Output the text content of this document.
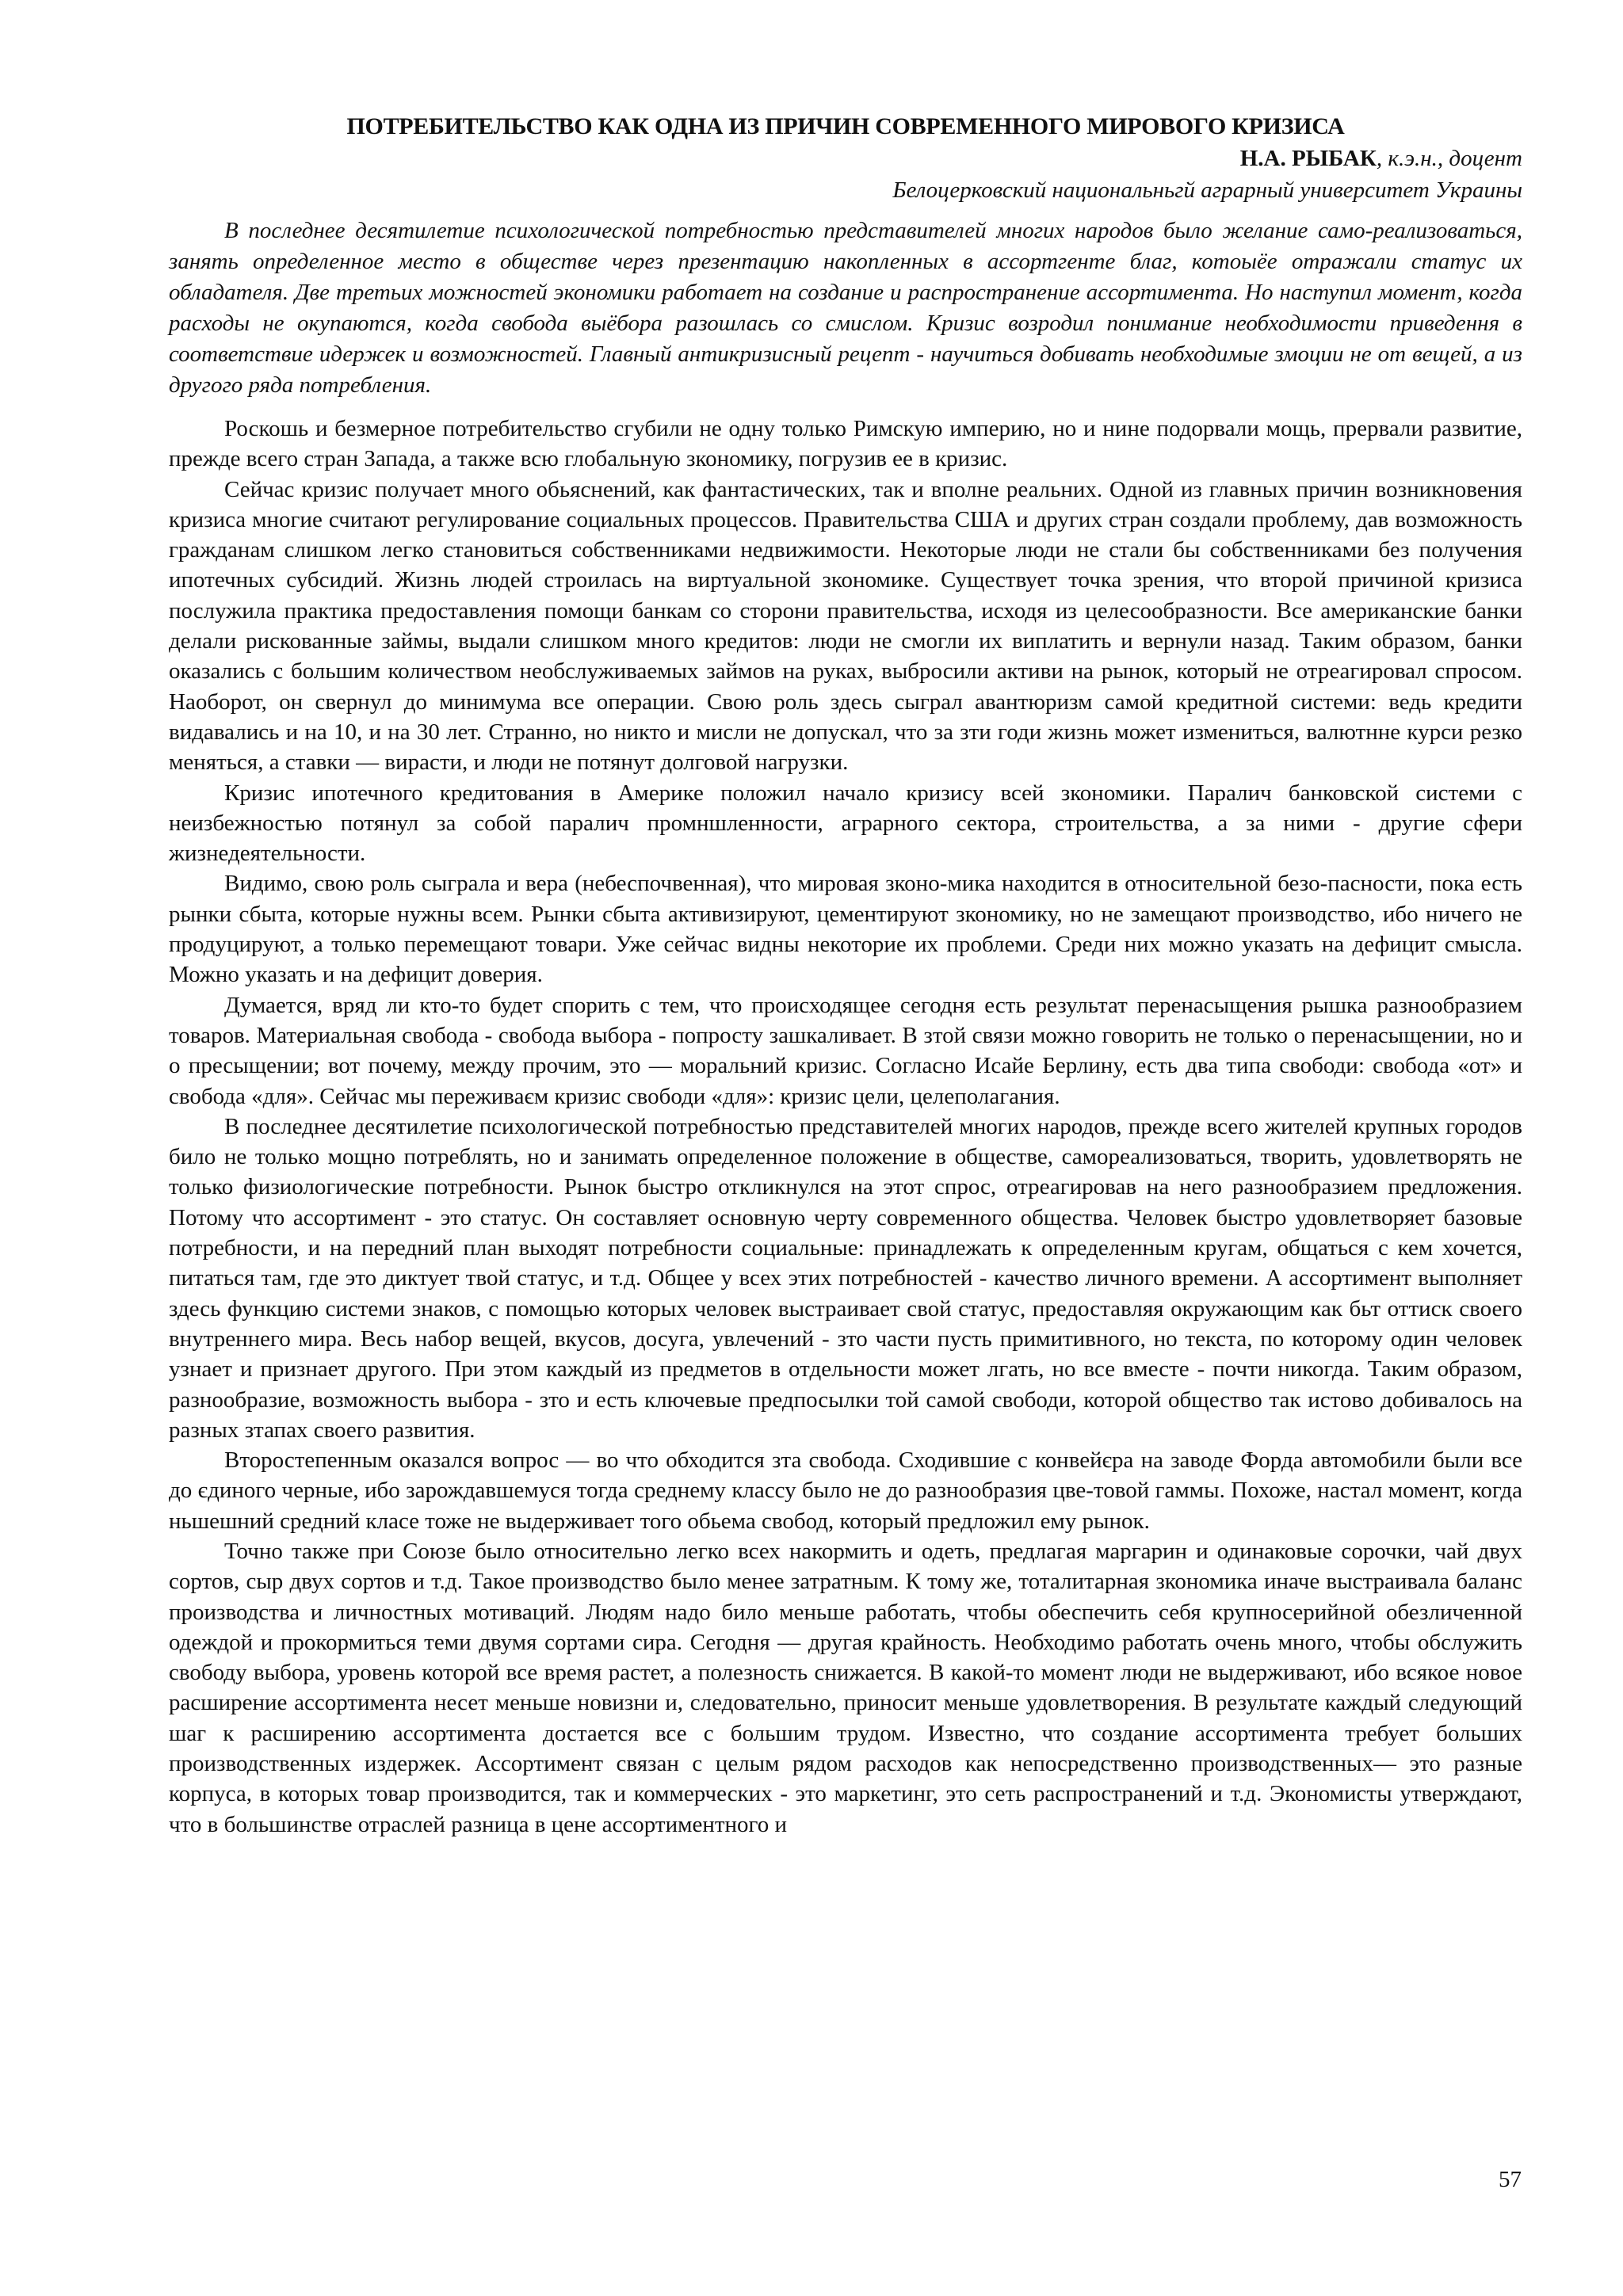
ПОТРЕБИТЕЛЬСТВО КАК ОДНА ИЗ ПРИЧИН СОВРЕМЕННОГО МИРОВОГО КРИЗИСА

Н.А. РЫБАК, к.э.н., доцент

Белоцерковский национальньгй аграрный университет Украины

В последнее десятилетие психологической потребностью представителей многих народов было желание само-реализоваться, занять определенное место в обществе через презентацию накопленных в ассортгенте благ, котоыёе отражали статус их обладателя. Две третьих можностей экономики работает на создание и распространение ассортимента. Но наступил момент, когда расходы не окупаются, когда свобода выёбора разошлась со смислом. Кризис возродил понимание необходимости приведення в соответствие идержек и возможностей. Главный антикризисный рецепт - научиться добивать необходимые змоции не от вещей, а из другого ряда потребления.

Роскошь и безмерное потребительство сгубили не одну только Римскую империю, но и нине подорвали мощь, прервали развитие, прежде всего стран Запада, а также всю глобальную зкономику, погрузив ее в кризис.

Сейчас кризис получает много обьяснений, как фантастических, так и вполне реальних. Одной из главных причин возникновения кризиса многие считают регулирование социальных процессов. Правительства США и других стран создали проблему, дав возможность гражданам слишком легко становиться собственниками недвижимости. Некоторые люди не стали бы собственниками без получения ипотечных субсидий. Жизнь людей строилась на виртуальной зкономике. Существует точка зрения, что второй причиной кризиса послужила практика предоставления помощи банкам со сторони правительства, исходя из целесообразности. Все американские банки делали рискованные займы, выдали слишком много кредитов: люди не смогли их виплатить и вернули назад. Таким образом, банки оказались с большим количеством необслуживаемых займов на руках, выбросили активи на рынок, который не отреагировал спросом. Наоборот, он свернул до минимума все операции. Свою роль здесь сыграл авантюризм самой кредитной системи: ведь кредити видавались и на 10, и на 30 лет. Странно, но никто и мисли не допускал, что за зти годи жизнь может измениться, валютнне курси резко меняться, а ставки — вирасти, и люди не потянут долговой нагрузки.

Кризис ипотечного кредитования в Америке положил начало кризису всей зкономики. Паралич банковской системи с неизбежностью потянул за собой паралич промншленности, аграрного сектора, строительства, а за ними - другие сфери жизнедеятельности.

Видимо, свою роль сыграла и вера (небеспочвенная), что мировая зконо-мика находится в относительной безо-пасности, пока есть рынки сбыта, которые нужны всем. Рынки сбыта активизируют, цементируют зкономику, но не замещают производство, ибо ничего не продуцируют, а только перемещают товари. Уже сейчас видны некоторие их проблеми. Среди них можно указать на дефицит смысла. Можно указать и на дефицит доверия.

Думается, вряд ли кто-то будет спорить с тем, что происходящее сегодня есть результат перенасыщения рышка разнообразием товаров. Материальная свобода - свобода выбора - попросту зашкаливает. В зтой связи можно говорить не только о перенасыщении, но и о пресыщении; вот почему, между прочим, это — моральний кризис. Согласно Исайе Берлину, есть два типа свободи: свобода «от» и свобода «для». Сейчас мы переживаєм кризис свободи «для»: кризис цели, целеполагания.

В последнее десятилетие психологической потребностью представителей многих народов, прежде всего жителей крупных городов било не только мощно потреблять, но и занимать определенное положение в обществе, самореализоваться, творить, удовлетворять не только физиологические потребности. Рынок быстро откликнулся на этот спрос, отреагировав на него разнообразием предложения. Потому что ассортимент - это статус. Он составляет основную черту современного общества. Человек быстро удовлетворяет базовые потребности, и на передний план выходят потребности социальные: принадлежать к определенным кругам, общаться с кем хочется, питаться там, где это диктует твой статус, и т.д. Общее у всех этих потребностей - качество личного времени. А ассортимент выполняет здесь функцию системи знаков, с помощью которых человек выстраивает свой статус, предоставляя окружающим как бьт оттиск своего внутреннего мира. Весь набор вещей, вкусов, досуга, увлечений - зто части пусть примитивного, но текста, по которому один человек узнает и признает другого. При этом каждый из предметов в отдельности может лгать, но все вместе - почти никогда. Таким образом, разнообразие, возможность выбора - зто и есть ключевые предпосылки той самой свободи, которой общество так истово добивалось на разных зтапах своего развития.

Второстепенным оказался вопрос — во что обходится зта свобода. Сходившие с конвейєра на заводе Форда автомобили были все до єдиного черные, ибо зарождавшемуся тогда среднему классу было не до разнообразия цве-товой гаммы. Похоже, настал момент, когда ньшешний средний класе тоже не выдерживает того обьема свобод, который предложил ему рынок.

Точно также при Союзе было относительно легко всех накормить и одеть, предлагая маргарин и одинаковые сорочки, чай двух сортов, сыр двух сортов и т.д. Такое производство было менее затратным. К тому же, тоталитарная зкономика иначе выстраивала баланс производства и личностных мотиваций. Людям надо било меньше работать, чтобы обеспечить себя крупносерийной обезличенной одеждой и прокормиться теми двумя сортами сира. Сегодня — другая крайность. Необходимо работать очень много, чтобы обслужить свободу выбора, уровень которой все время растет, а полезность снижается. В какой-то момент люди не выдерживают, ибо всякое новое расширение ассортимента несет меньше новизни и, следовательно, приносит меньше удовлетворения. В результате каждый следующий шаг к расширению ассортимента достается все с большим трудом. Известно, что создание ассортимента требует больших производственных издержек. Ассортимент связан с целым рядом расходов как непосредственно производственных— это разные корпуса, в которых товар производится, так и коммерческих - это маркетинг, это сеть распространений и т.д. Экономисты утверждают, что в большинстве отраслей разница в цене ассортиментного и

57
